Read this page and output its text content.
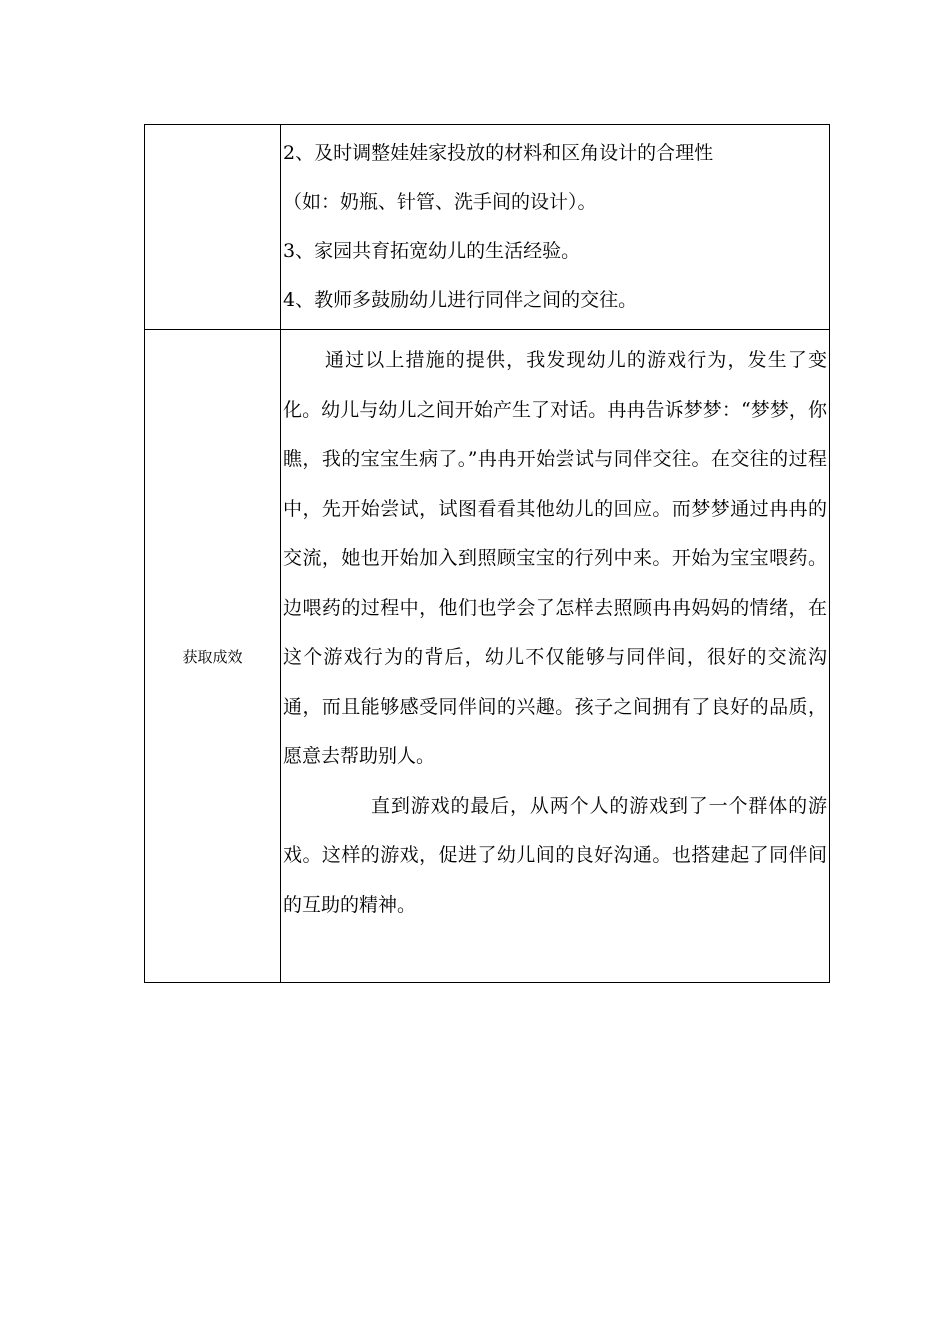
	2、及时调整娃娃家投放的材料和区角设计的合理性

（如：奶瓶、针管、洗手间的设计）。

3、家园共育拓宽幼儿的生活经验。

4、教师多鼓励幼儿进行同伴之间的交往。

获取成效	通过以上措施的提供，我发现幼儿的游戏行为，发生了变化。幼儿与幼儿之间开始产生了对话。冉冉告诉梦梦：“梦梦，你瞧，我的宝宝生病了。”冉冉开始尝试与同伴交往。在交往的过程中，先开始尝试，试图看看其他幼儿的回应。而梦梦通过冉冉的交流，她也开始加入到照顾宝宝的行列中来。开始为宝宝喂药。边喂药的过程中，他们也学会了怎样去照顾冉冉妈妈的情绪，在这个游戏行为的背后，幼儿不仅能够与同伴间，很好的交流沟通，而且能够感受同伴间的兴趣。孩子之间拥有了良好的品质，愿意去帮助别人。

直到游戏的最后，从两个人的游戏到了一个群体的游戏。这样的游戏，促进了幼儿间的良好沟通。也搭建起了同伴间的互助的精神。
